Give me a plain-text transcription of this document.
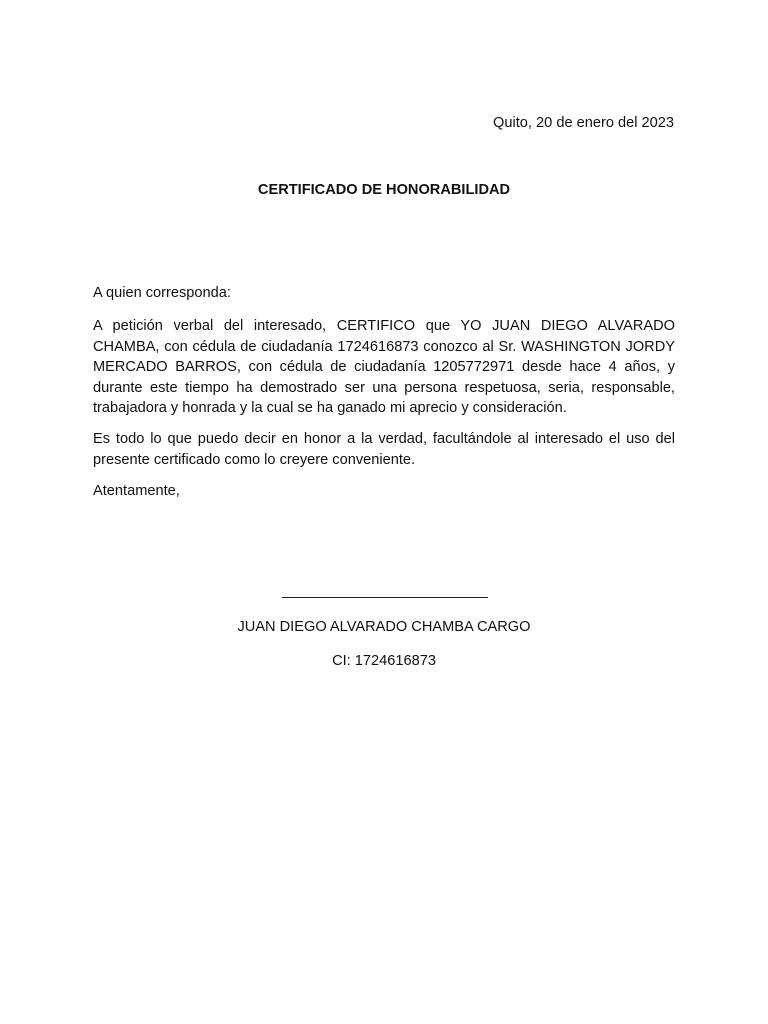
Quito, 20 de enero del 2023
CERTIFICADO DE HONORABILIDAD
A quien corresponda:

A petición verbal del interesado, CERTIFICO que YO JUAN DIEGO ALVARADO CHAMBA, con cédula de ciudadanía 1724616873 conozco al Sr. WASHINGTON JORDY MERCADO BARROS, con cédula de ciudadanía 1205772971 desde hace 4 años, y durante este tiempo ha demostrado ser una persona respetuosa, seria, responsable, trabajadora y honrada y la cual se ha ganado mi aprecio y consideración.

Es todo lo que puedo decir en honor a la verdad, facultándole al interesado el uso del presente certificado como lo creyere conveniente.

Atentamente,
JUAN DIEGO ALVARADO CHAMBA CARGO
CI: 1724616873
